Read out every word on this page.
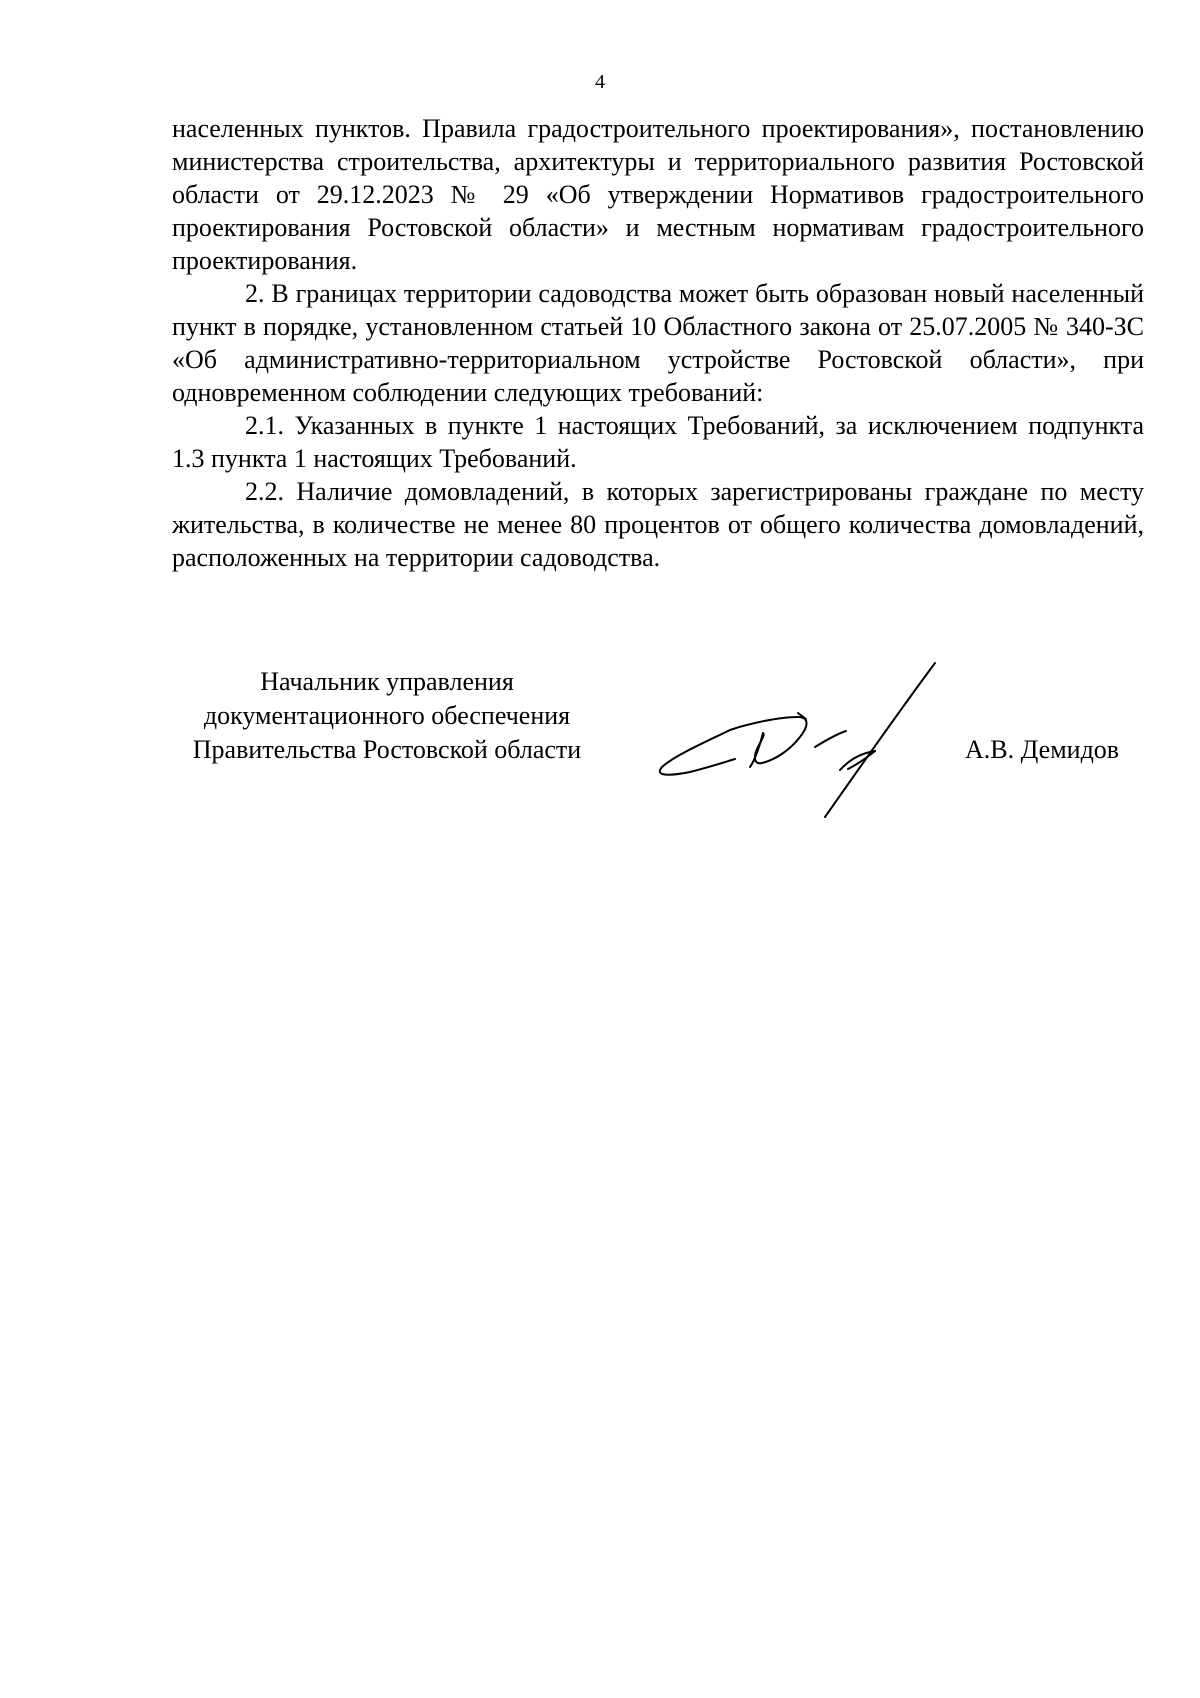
4

населенных пунктов. Правила градостроительного проектирования», постановлению министерства строительства, архитектуры и территориального развития Ростовской области от 29.12.2023 № 29 «Об утверждении Нормативов градостроительного проектирования Ростовской области» и местным нормативам градостроительного проектирования.

2. В границах территории садоводства может быть образован новый населенный пункт в порядке, установленном статьей 10 Областного закона от 25.07.2005 № 340-ЗС «Об административно-территориальном устройстве Ростовской области», при одновременном соблюдении следующих требований:

2.1. Указанных в пункте 1 настоящих Требований, за исключением подпункта 1.3 пункта 1 настоящих Требований.

2.2. Наличие домовладений, в которых зарегистрированы граждане по месту жительства, в количестве не менее 80 процентов от общего количества домовладений, расположенных на территории садоводства.

Начальник управления
документационного обеспечения
Правительства Ростовской области	А.В. Демидов
